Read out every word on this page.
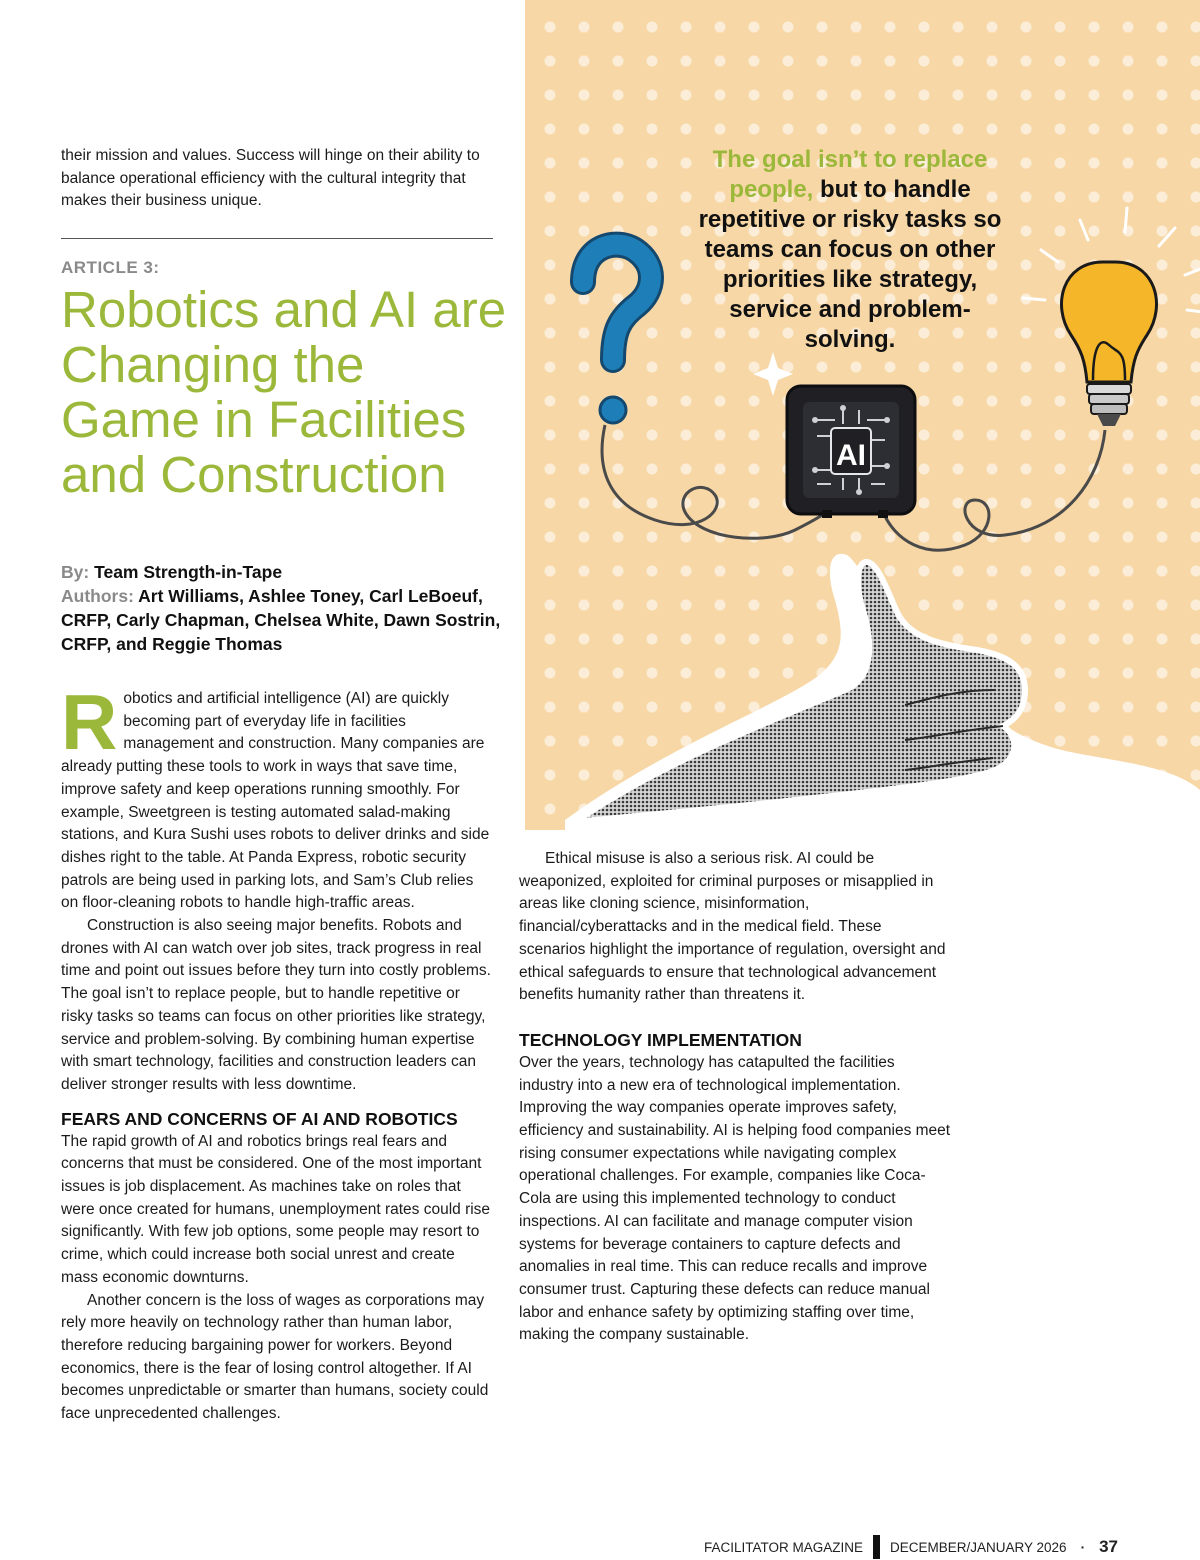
AI

The goal isn’t to replace people, but to handle repetitive or risky tasks so teams can focus on other priorities like strategy, service and problem-solving.

their mission and values. Success will hinge on their ability to balance operational efficiency with the cultural integrity that makes their business unique.

ARTICLE 3:

Robotics and AI are Changing the Game in Facilities and Construction

By: Team Strength-in-Tape
Authors: Art Williams, Ashlee Toney, Carl LeBoeuf, CRFP, Carly Chapman, Chelsea White, Dawn Sostrin, CRFP, and Reggie Thomas

Robotics and artificial intelligence (AI) are quickly becoming part of everyday life in facilities management and construction. Many companies are already putting these tools to work in ways that save time, improve safety and keep operations running smoothly. For example, Sweetgreen is testing automated salad-making stations, and Kura Sushi uses robots to deliver drinks and side dishes right to the table. At Panda Express, robotic security patrols are being used in parking lots, and Sam’s Club relies on floor-cleaning robots to handle high-traffic areas.

Construction is also seeing major benefits. Robots and drones with AI can watch over job sites, track progress in real time and point out issues before they turn into costly problems. The goal isn’t to replace people, but to handle repetitive or risky tasks so teams can focus on other priorities like strategy, service and problem-solving. By combining human expertise with smart technology, facilities and construction leaders can deliver stronger results with less downtime.

FEARS AND CONCERNS OF AI AND ROBOTICS

The rapid growth of AI and robotics brings real fears and concerns that must be considered. One of the most important issues is job displacement. As machines take on roles that were once created for humans, unemployment rates could rise significantly. With few job options, some people may resort to crime, which could increase both social unrest and create mass economic downturns.

Another concern is the loss of wages as corporations may rely more heavily on technology rather than human labor, therefore reducing bargaining power for workers. Beyond economics, there is the fear of losing control altogether. If AI becomes unpredictable or smarter than humans, society could face unprecedented challenges.

Ethical misuse is also a serious risk. AI could be weaponized, exploited for criminal purposes or misapplied in areas like cloning science, misinformation, financial/cyberattacks and in the medical field. These scenarios highlight the importance of regulation, oversight and ethical safeguards to ensure that technological advancement benefits humanity rather than threatens it.

TECHNOLOGY IMPLEMENTATION

Over the years, technology has catapulted the facilities industry into a new era of technological implementation. Improving the way companies operate improves safety, efficiency and sustainability. AI is helping food companies meet rising consumer expectations while navigating complex operational challenges. For example, companies like Coca-Cola are using this implemented technology to conduct inspections. AI can facilitate and manage computer vision systems for beverage containers to capture defects and anomalies in real time. This can reduce recalls and improve consumer trust. Capturing these defects can reduce manual labor and enhance safety by optimizing staffing over time, making the company sustainable.

FACILITATOR MAGAZINE DECEMBER/JANUARY 2026 · 37
